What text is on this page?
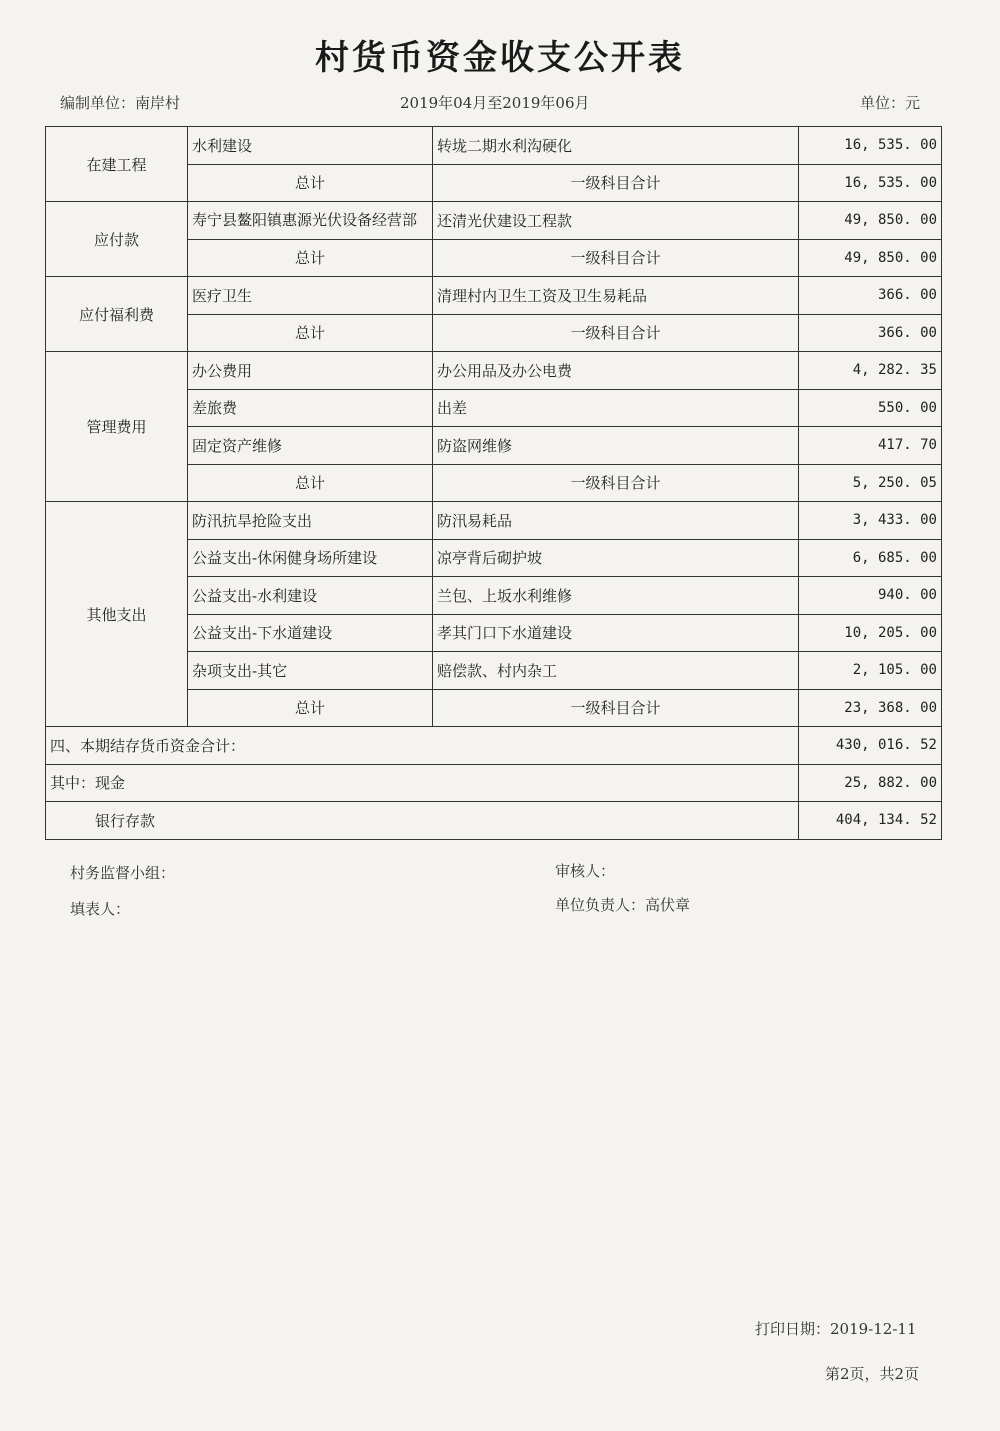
村货币资金收支公开表
编制单位：南岸村	2019年04月至2019年06月	单位：元
在建工程	水利建设	转垅二期水利沟硬化	16, 535. 00
	总计	一级科目合计	16, 535. 00
应付款	寿宁县鳌阳镇惠源光伏设备经营部	还清光伏建设工程款	49, 850. 00
	总计	一级科目合计	49, 850. 00
应付福利费	医疗卫生	清理村内卫生工资及卫生易耗品	366. 00
	总计	一级科目合计	366. 00
管理费用	办公费用	办公用品及办公电费	4, 282. 35
	差旅费	出差	550. 00
	固定资产维修	防盗网维修	417. 70
	总计	一级科目合计	5, 250. 05
其他支出	防汛抗旱抢险支出	防汛易耗品	3, 433. 00
	公益支出-休闲健身场所建设	凉亭背后砌护坡	6, 685. 00
	公益支出-水利建设	兰包、上坂水利维修	940. 00
	公益支出-下水道建设	孝其门口下水道建设	10, 205. 00
	杂项支出-其它	赔偿款、村内杂工	2, 105. 00
	总计	一级科目合计	23, 368. 00
四、本期结存货币资金合计：			430, 016. 52
其中：现金			25, 882. 00
　　　银行存款			404, 134. 52
村务监督小组：	审核人：
填表人：	单位负责人：高伏章
打印日期：2019-12-11
第2页，共2页
